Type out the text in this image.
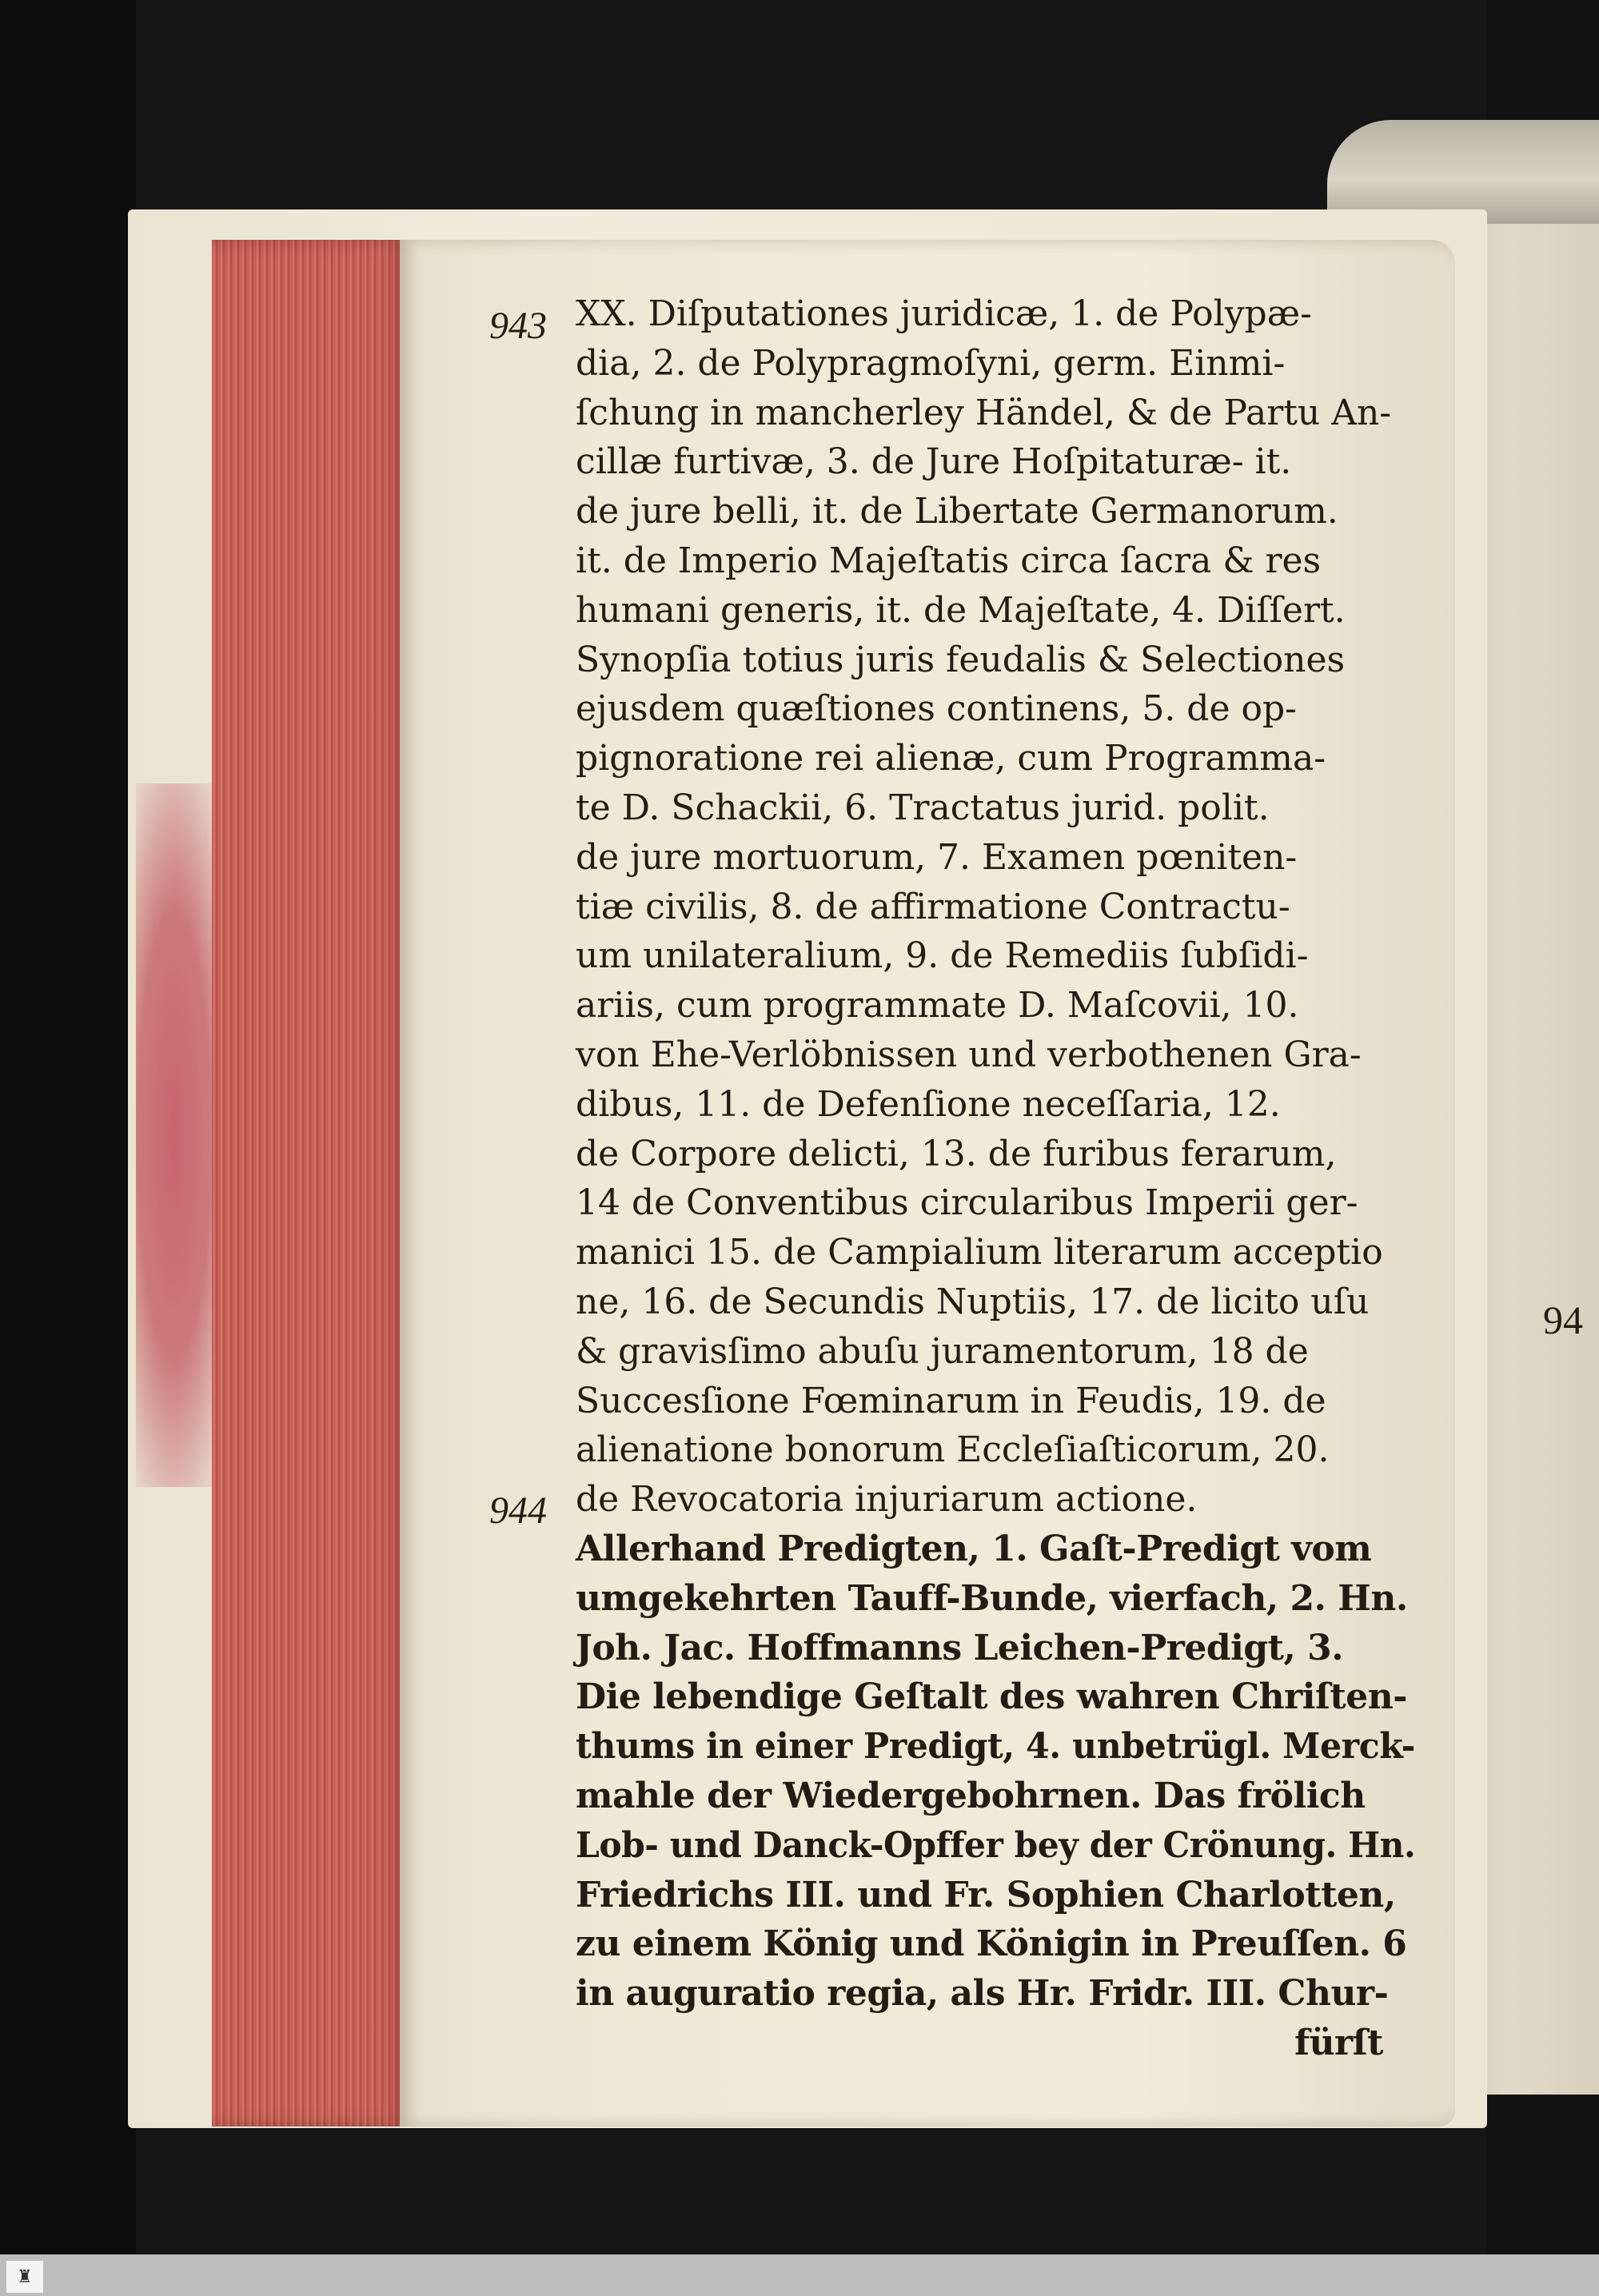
943
944
94
XX. Diſputationes juridicæ, 1. de Polypæ-
dia, 2. de Polypragmoſyni, germ. Einmi-
ſchung in mancherley Händel, & de Partu An-
cillæ furtivæ, 3. de Jure Hoſpitaturæ- it.
de jure belli, it. de Libertate Germanorum.
it. de Imperio Majeſtatis circa ſacra & res
humani generis, it. de Majeſtate, 4. Diſſert.
Synopſia totius juris feudalis & Selectiones
ejusdem quæſtiones continens, 5. de op-
pignoratione rei alienæ, cum Programma-
te D. Schackii, 6. Tractatus jurid. polit.
de jure mortuorum, 7. Examen pœniten-
tiæ civilis, 8. de affirmatione Contractu-
um unilateralium, 9. de Remediis ſubſidi-
ariis, cum programmate D. Maſcovii, 10.
von Ehe-Verlöbnissen und verbothenen Gra-
dibus, 11. de Defenſione neceſſaria, 12.
de Corpore delicti, 13. de furibus ferarum,
14 de Conventibus circularibus Imperii ger-
manici 15. de Campialium literarum acceptio
ne, 16. de Secundis Nuptiis, 17. de licito uſu
& gravisſimo abuſu juramentorum, 18 de
Succesſione Fœminarum in Feudis, 19. de
alienatione bonorum Eccleſiaſticorum, 20.
de Revocatoria injuriarum actione.
Allerhand Predigten, 1. Gaſt-Predigt vom
umgekehrten Tauff-Bunde, vierfach, 2. Hn.
Joh. Jac. Hoffmanns Leichen-Predigt, 3.
Die lebendige Geſtalt des wahren Chriſten-
thums in einer Predigt, 4. unbetrügl. Merck-
mahle der Wiedergebohrnen. Das frölich
Lob- und Danck-Opffer bey der Crönung. Hn.
Friedrichs III. und Fr. Sophien Charlotten,
zu einem König und Königin in Preuſſen. 6
in auguratio regia, als Hr. Fridr. III. Chur-
fürſt
♜
